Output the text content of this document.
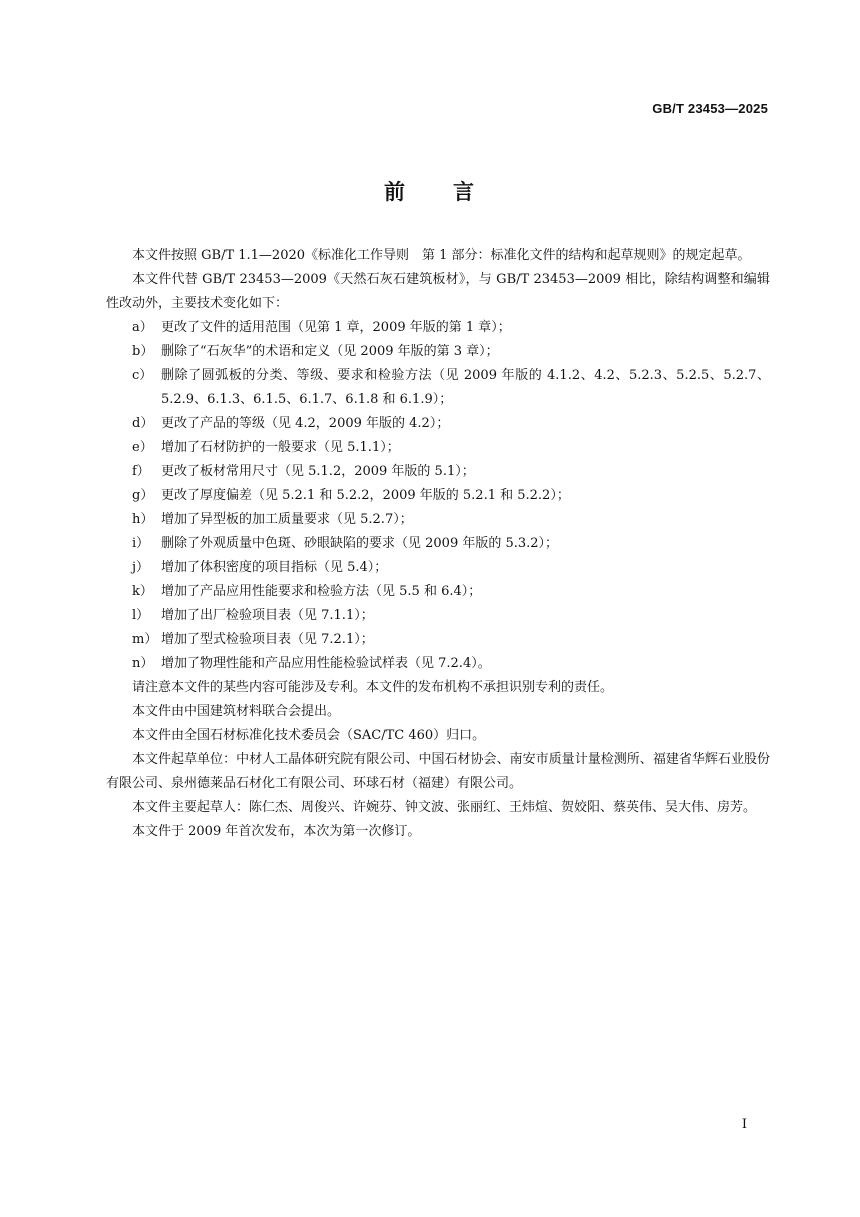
GB/T 23453—2025
前 言

本文件按照 GB/T 1.1—2020《标准化工作导则　第 1 部分：标准化文件的结构和起草规则》的规定起草。

本文件代替 GB/T 23453—2009《天然石灰石建筑板材》，与 GB/T 23453—2009 相比，除结构调整和编辑性改动外，主要技术变化如下：

a） 更改了文件的适用范围（见第 1 章，2009 年版的第 1 章）；
b） 删除了“石灰华”的术语和定义（见 2009 年版的第 3 章）；
c） 删除了圆弧板的分类、等级、要求和检验方法（见 2009 年版的 4.1.2、4.2、5.2.3、5.2.5、5.2.7、5.2.9、6.1.3、6.1.5、6.1.7、6.1.8 和 6.1.9）；
d） 更改了产品的等级（见 4.2，2009 年版的 4.2）；
e） 增加了石材防护的一般要求（见 5.1.1）；
f） 更改了板材常用尺寸（见 5.1.2，2009 年版的 5.1）；
g） 更改了厚度偏差（见 5.2.1 和 5.2.2，2009 年版的 5.2.1 和 5.2.2）；
h） 增加了异型板的加工质量要求（见 5.2.7）；
i） 删除了外观质量中色斑、砂眼缺陷的要求（见 2009 年版的 5.3.2）；
j） 增加了体积密度的项目指标（见 5.4）；
k） 增加了产品应用性能要求和检验方法（见 5.5 和 6.4）；
l） 增加了出厂检验项目表（见 7.1.1）；
m） 增加了型式检验项目表（见 7.2.1）；
n） 增加了物理性能和产品应用性能检验试样表（见 7.2.4）。

请注意本文件的某些内容可能涉及专利。本文件的发布机构不承担识别专利的责任。

本文件由中国建筑材料联合会提出。

本文件由全国石材标准化技术委员会（SAC/TC 460）归口。

本文件起草单位：中材人工晶体研究院有限公司、中国石材协会、南安市质量计量检测所、福建省华辉石业股份有限公司、泉州德莱品石材化工有限公司、环球石材（福建）有限公司。

本文件主要起草人：陈仁杰、周俊兴、许婉芬、钟文波、张丽红、王炜煊、贺姣阳、蔡英伟、吴大伟、房芳。

本文件于 2009 年首次发布，本次为第一次修订。

I
